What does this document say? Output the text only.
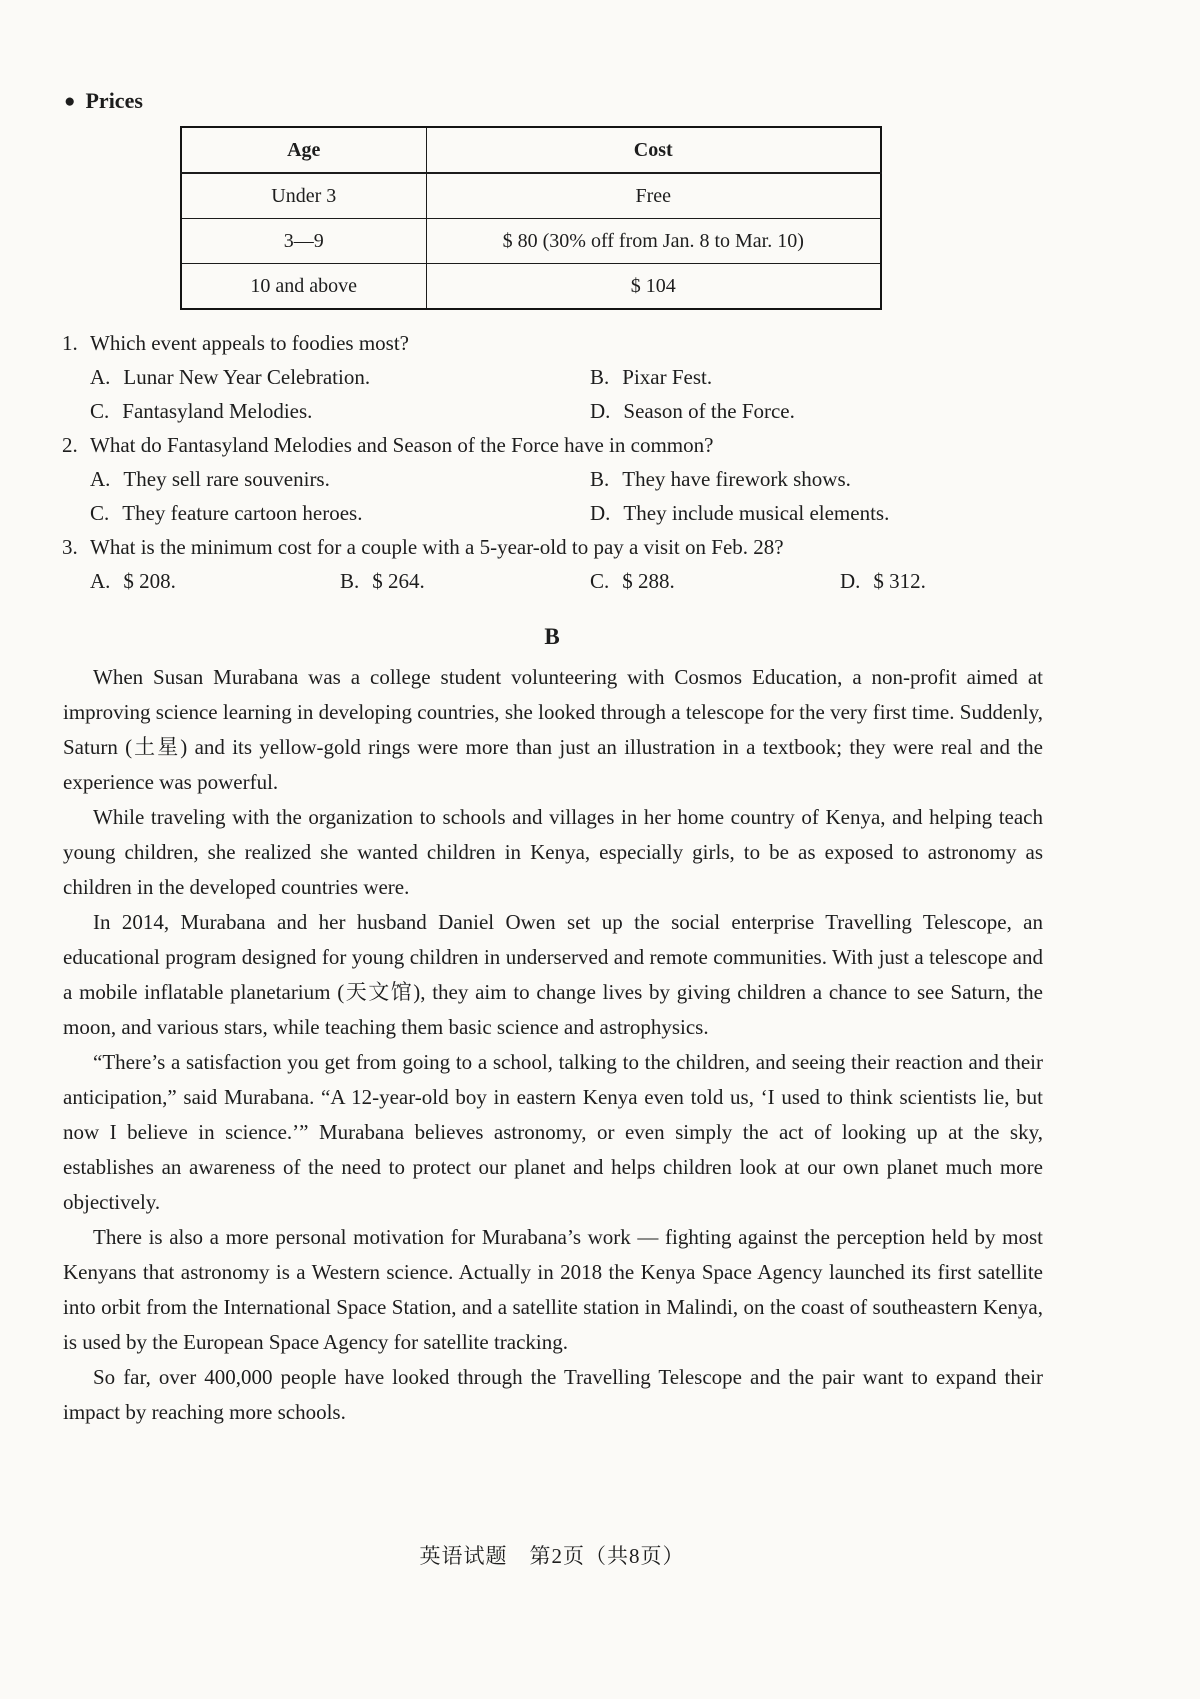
● Prices
Age	Cost
Under 3	Free
3—9	$ 80 (30% off from Jan. 8 to Mar. 10)
10 and above	$ 104
1. Which event appeals to foodies most?
A. Lunar New Year Celebration.	B. Pixar Fest.
C. Fantasyland Melodies.	D. Season of the Force.
2. What do Fantasyland Melodies and Season of the Force have in common?
A. They sell rare souvenirs.	B. They have firework shows.
C. They feature cartoon heroes.	D. They include musical elements.
3. What is the minimum cost for a couple with a 5-year-old to pay a visit on Feb. 28?
A. $ 208.	B. $ 264.	C. $ 288.	D. $ 312.
B

When Susan Murabana was a college student volunteering with Cosmos Education, a non-profit aimed at improving science learning in developing countries, she looked through a telescope for the very first time. Suddenly, Saturn (土星) and its yellow-gold rings were more than just an illustration in a textbook; they were real and the experience was powerful.

While traveling with the organization to schools and villages in her home country of Kenya, and helping teach young children, she realized she wanted children in Kenya, especially girls, to be as exposed to astronomy as children in the developed countries were.

In 2014, Murabana and her husband Daniel Owen set up the social enterprise Travelling Telescope, an educational program designed for young children in underserved and remote communities. With just a telescope and a mobile inflatable planetarium (天文馆), they aim to change lives by giving children a chance to see Saturn, the moon, and various stars, while teaching them basic science and astrophysics.

“There’s a satisfaction you get from going to a school, talking to the children, and seeing their reaction and their anticipation,” said Murabana. “A 12-year-old boy in eastern Kenya even told us, ‘I used to think scientists lie, but now I believe in science.’” Murabana believes astronomy, or even simply the act of looking up at the sky, establishes an awareness of the need to protect our planet and helps children look at our own planet much more objectively.

There is also a more personal motivation for Murabana’s work — fighting against the perception held by most Kenyans that astronomy is a Western science. Actually in 2018 the Kenya Space Agency launched its first satellite into orbit from the International Space Station, and a satellite station in Malindi, on the coast of southeastern Kenya, is used by the European Space Agency for satellite tracking.

So far, over 400,000 people have looked through the Travelling Telescope and the pair want to expand their impact by reaching more schools.

英语试题　第2页（共8页）
